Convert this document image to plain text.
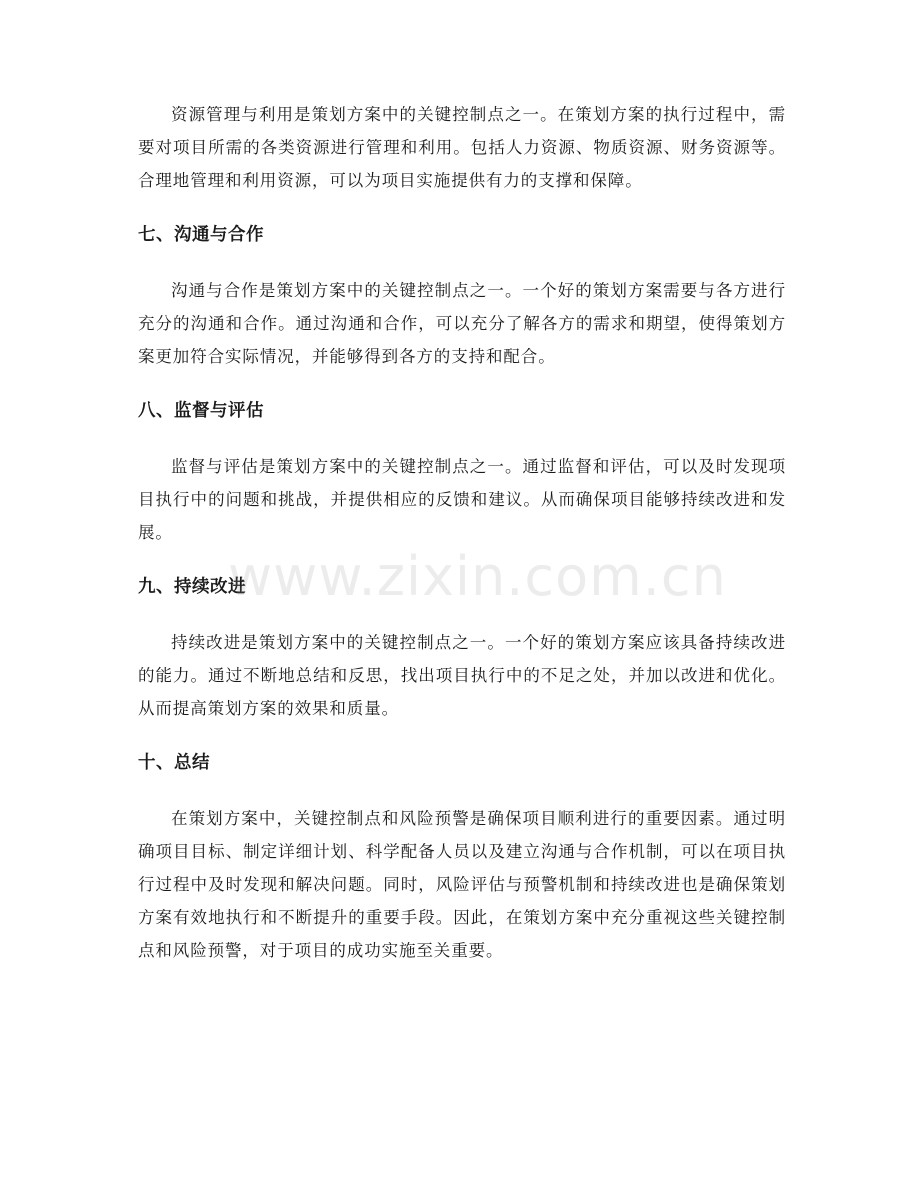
资源管理与利用是策划方案中的关键控制点之一。在策划方案的执行过程中，需要对项目所需的各类资源进行管理和利用。包括人力资源、物质资源、财务资源等。合理地管理和利用资源，可以为项目实施提供有力的支撑和保障。

七、沟通与合作

沟通与合作是策划方案中的关键控制点之一。一个好的策划方案需要与各方进行充分的沟通和合作。通过沟通和合作，可以充分了解各方的需求和期望，使得策划方案更加符合实际情况，并能够得到各方的支持和配合。

八、监督与评估

监督与评估是策划方案中的关键控制点之一。通过监督和评估，可以及时发现项目执行中的问题和挑战，并提供相应的反馈和建议。从而确保项目能够持续改进和发展。

九、持续改进

持续改进是策划方案中的关键控制点之一。一个好的策划方案应该具备持续改进的能力。通过不断地总结和反思，找出项目执行中的不足之处，并加以改进和优化。从而提高策划方案的效果和质量。

十、总结

在策划方案中，关键控制点和风险预警是确保项目顺利进行的重要因素。通过明确项目目标、制定详细计划、科学配备人员以及建立沟通与合作机制，可以在项目执行过程中及时发现和解决问题。同时，风险评估与预警机制和持续改进也是确保策划方案有效地执行和不断提升的重要手段。因此，在策划方案中充分重视这些关键控制点和风险预警，对于项目的成功实施至关重要。

www.zixin.com.cn
